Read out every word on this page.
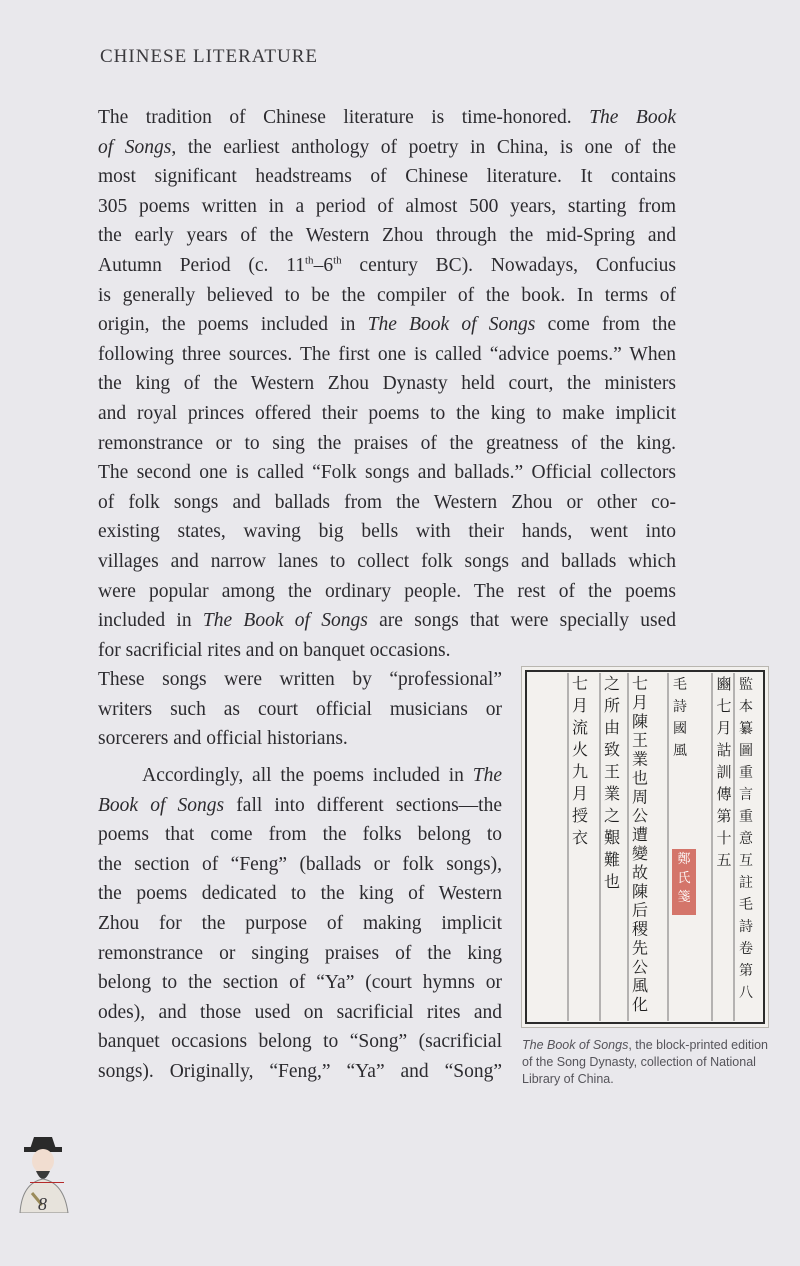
CHINESE LITERATURE
The tradition of Chinese literature is time-honored. The Book
of Songs, the earliest anthology of poetry in China, is one of the
most significant headstreams of Chinese literature. It contains
305 poems written in a period of almost 500 years, starting from
the early years of the Western Zhou through the mid-Spring and
Autumn Period (c. 11th–6th century BC). Nowadays, Confucius
is generally believed to be the compiler of the book. In terms of
origin, the poems included in The Book of Songs come from the
following three sources. The first one is called “advice poems.” When
the king of the Western Zhou Dynasty held court, the ministers
and royal princes offered their poems to the king to make implicit
remonstrance or to sing the praises of the greatness of the king.
The second one is called “Folk songs and ballads.” Official collectors
of folk songs and ballads from the Western Zhou or other co-
existing states, waving big bells with their hands, went into
villages and narrow lanes to collect folk songs and ballads which
were popular among the ordinary people. The rest of the poems
included in The Book of Songs are songs that were specially used
for sacrificial rites and on banquet occasions.
These songs were written by “professional”
writers such as court official musicians or
sorcerers and official historians.
Accordingly, all the poems included in The
Book of Songs fall into different sections—the
poems that come from the folks belong to
the section of “Feng” (ballads or folk songs),
the poems dedicated to the king of Western
Zhou for the purpose of making implicit
remonstrance or singing praises of the king
belong to the section of “Ya” (court hymns or
odes), and those used on sacrificial rites and
banquet occasions belong to “Song” (sacrificial
songs). Originally, “Feng,” “Ya” and “Song”
監
本
纂
圖
重
言
重
意
互
註
毛
詩
卷
第
八
豳
七
月
詁
訓
傳
第
十
五
毛
詩
國
風
七
月
陳
王
業
也
周
公
遭
變
故
陳
后
稷
先
公
風
化
之
所
由
致
王
業
之
艱
難
也
七
月
流
火
九
月
授
衣
鄭氏箋
The Book of Songs, the block-printed edition of the Song Dynasty, collection of National Library of China.
8
